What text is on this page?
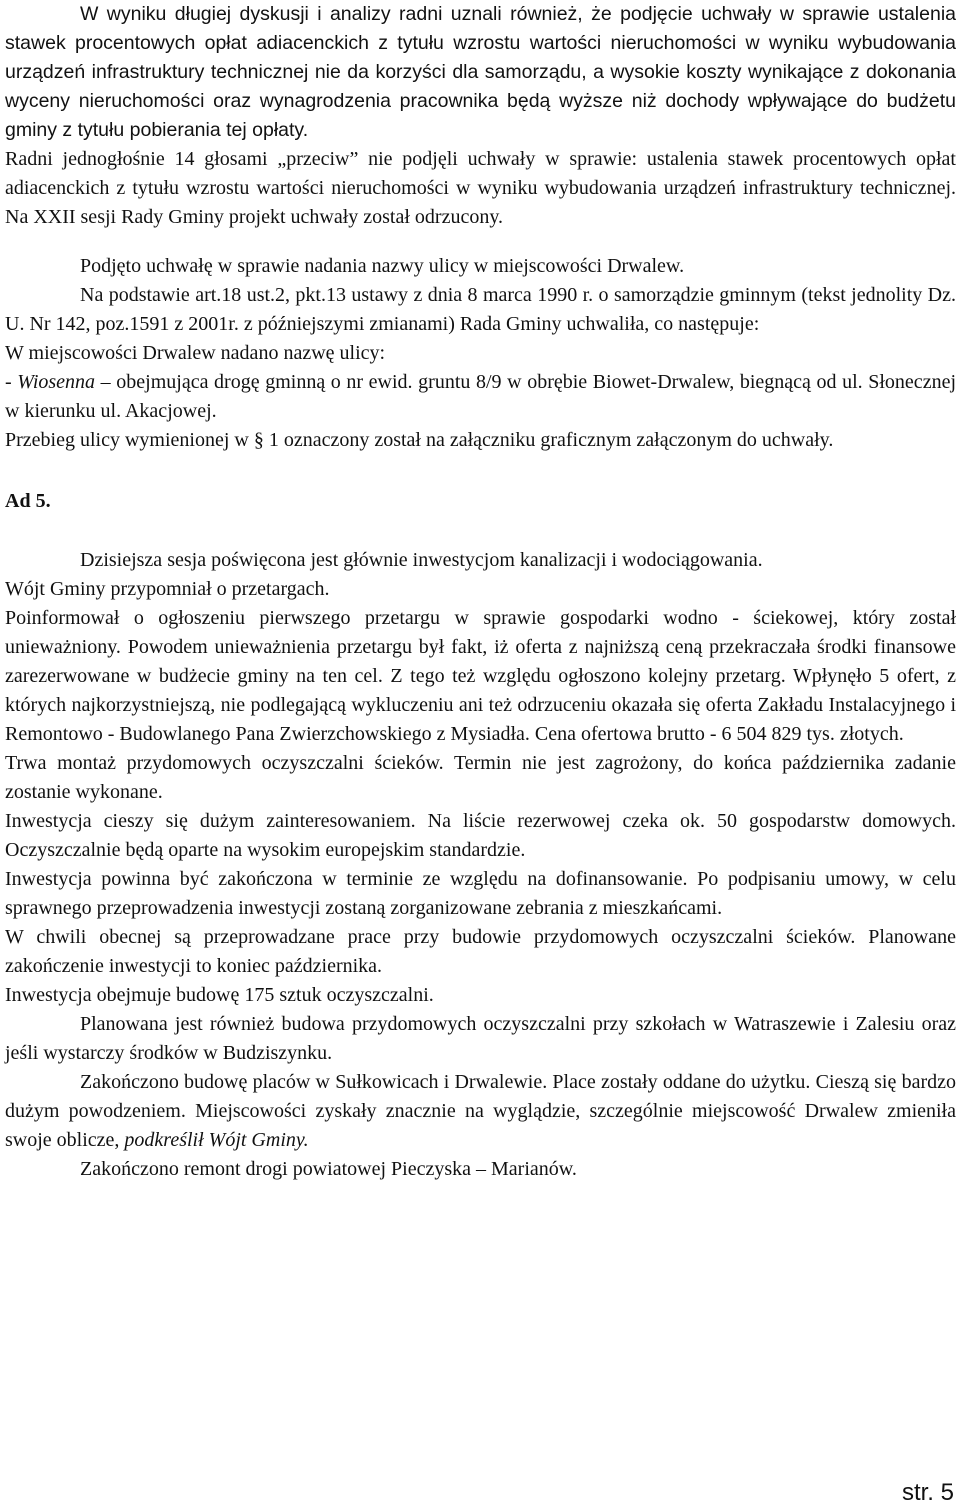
W wyniku długiej dyskusji i analizy radni uznali również, że podjęcie uchwały w sprawie ustalenia stawek procentowych opłat adiacenckich z tytułu wzrostu wartości nieruchomości w wyniku wybudowania urządzeń infrastruktury technicznej nie da korzyści dla samorządu, a wysokie koszty wynikające z dokonania wyceny nieruchomości oraz wynagrodzenia pracownika będą wyższe niż dochody wpływające do budżetu gminy z tytułu pobierania tej opłaty.

Radni jednogłośnie 14 głosami „przeciw” nie podjęli uchwały w sprawie: ustalenia stawek procentowych opłat adiacenckich z tytułu wzrostu wartości nieruchomości w wyniku wybudowania urządzeń infrastruktury technicznej. Na XXII sesji Rady Gminy projekt uchwały został odrzucony.

Podjęto uchwałę w sprawie nadania nazwy ulicy w miejscowości Drwalew.

Na podstawie art.18 ust.2, pkt.13 ustawy z dnia 8 marca 1990 r. o samorządzie gminnym (tekst jednolity Dz. U. Nr 142, poz.1591 z 2001r. z późniejszymi zmianami) Rada Gminy uchwaliła, co następuje:

W miejscowości Drwalew nadano nazwę ulicy:

- Wiosenna – obejmująca drogę gminną o nr ewid. gruntu 8/9 w obrębie Biowet-Drwalew, biegnącą od ul. Słonecznej w kierunku ul. Akacjowej.

Przebieg ulicy wymienionej w § 1 oznaczony został na załączniku graficznym załączonym do uchwały.

Ad 5.

Dzisiejsza sesja poświęcona jest głównie inwestycjom kanalizacji i wodociągowania.

Wójt Gminy przypomniał o przetargach.

Poinformował o ogłoszeniu pierwszego przetargu w sprawie gospodarki wodno - ściekowej, który został unieważniony. Powodem unieważnienia przetargu był fakt, iż oferta z najniższą ceną przekraczała środki finansowe zarezerwowane w budżecie gminy na ten cel. Z tego też względu ogłoszono kolejny przetarg. Wpłynęło 5 ofert, z których najkorzystniejszą, nie podlegającą wykluczeniu ani też odrzuceniu okazała się oferta Zakładu Instalacyjnego i Remontowo - Budowlanego Pana Zwierzchowskiego z Mysiadła. Cena ofertowa brutto - 6 504 829 tys. złotych.

Trwa montaż przydomowych oczyszczalni ścieków. Termin nie jest zagrożony, do końca października zadanie zostanie wykonane.

Inwestycja cieszy się dużym zainteresowaniem. Na liście rezerwowej czeka ok. 50 gospodarstw domowych. Oczyszczalnie będą oparte na wysokim europejskim standardzie.

Inwestycja powinna być zakończona w terminie ze względu na dofinansowanie. Po podpisaniu umowy, w celu sprawnego przeprowadzenia inwestycji zostaną zorganizowane zebrania z mieszkańcami.

W chwili obecnej są przeprowadzane prace przy budowie przydomowych oczyszczalni ścieków. Planowane zakończenie inwestycji to koniec października.

Inwestycja obejmuje budowę 175 sztuk oczyszczalni.

Planowana jest również budowa przydomowych oczyszczalni przy szkołach w Watraszewie i Zalesiu oraz jeśli wystarczy środków w Budziszynku.

Zakończono budowę placów w Sułkowicach i Drwalewie. Place zostały oddane do użytku. Cieszą się bardzo dużym powodzeniem. Miejscowości zyskały znacznie na wyglądzie, szczególnie miejscowość Drwalew zmieniła swoje oblicze, podkreślił Wójt Gminy.

Zakończono remont drogi powiatowej Pieczyska – Marianów.

str. 5
